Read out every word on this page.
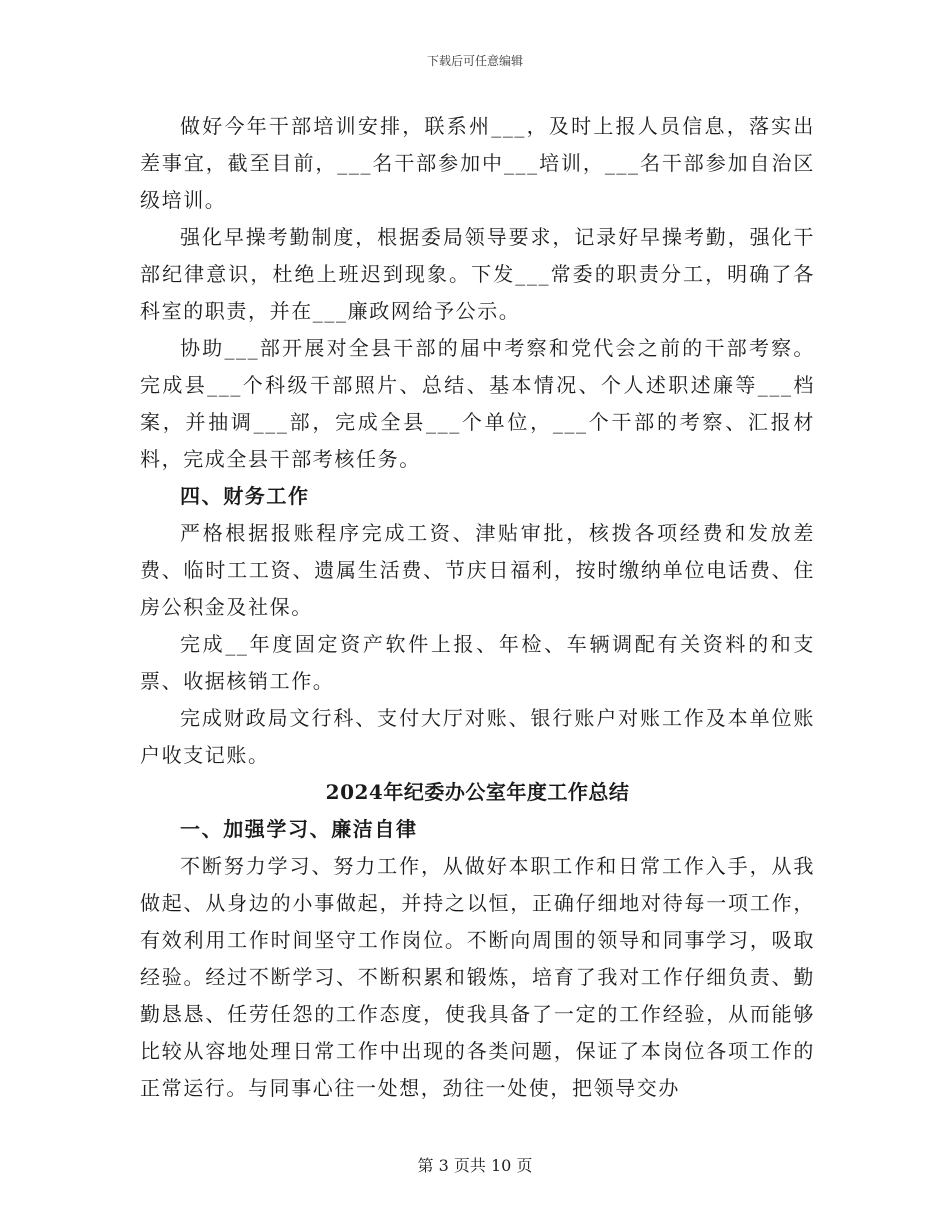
下载后可任意编辑

做好今年干部培训安排，联系州___，及时上报人员信息，落实出差事宜，截至目前，___名干部参加中___培训，___名干部参加自治区级培训。

强化早操考勤制度，根据委局领导要求，记录好早操考勤，强化干部纪律意识，杜绝上班迟到现象。下发___常委的职责分工，明确了各科室的职责，并在___廉政网给予公示。

协助___部开展对全县干部的届中考察和党代会之前的干部考察。完成县___个科级干部照片、总结、基本情况、个人述职述廉等___档案，并抽调___部，完成全县___个单位，___个干部的考察、汇报材料，完成全县干部考核任务。

四、财务工作

严格根据报账程序完成工资、津贴审批，核拨各项经费和发放差费、临时工工资、遗属生活费、节庆日福利，按时缴纳单位电话费、住房公积金及社保。

完成__年度固定资产软件上报、年检、车辆调配有关资料的和支票、收据核销工作。

完成财政局文行科、支付大厅对账、银行账户对账工作及本单位账户收支记账。

2024年纪委办公室年度工作总结

一、加强学习、廉洁自律

不断努力学习、努力工作，从做好本职工作和日常工作入手，从我做起、从身边的小事做起，并持之以恒，正确仔细地对待每一项工作，有效利用工作时间坚守工作岗位。不断向周围的领导和同事学习，吸取经验。经过不断学习、不断积累和锻炼，培育了我对工作仔细负责、勤勤恳恳、任劳任怨的工作态度，使我具备了一定的工作经验，从而能够比较从容地处理日常工作中出现的各类问题，保证了本岗位各项工作的正常运行。与同事心往一处想，劲往一处使，把领导交办

第 3 页共 10 页
